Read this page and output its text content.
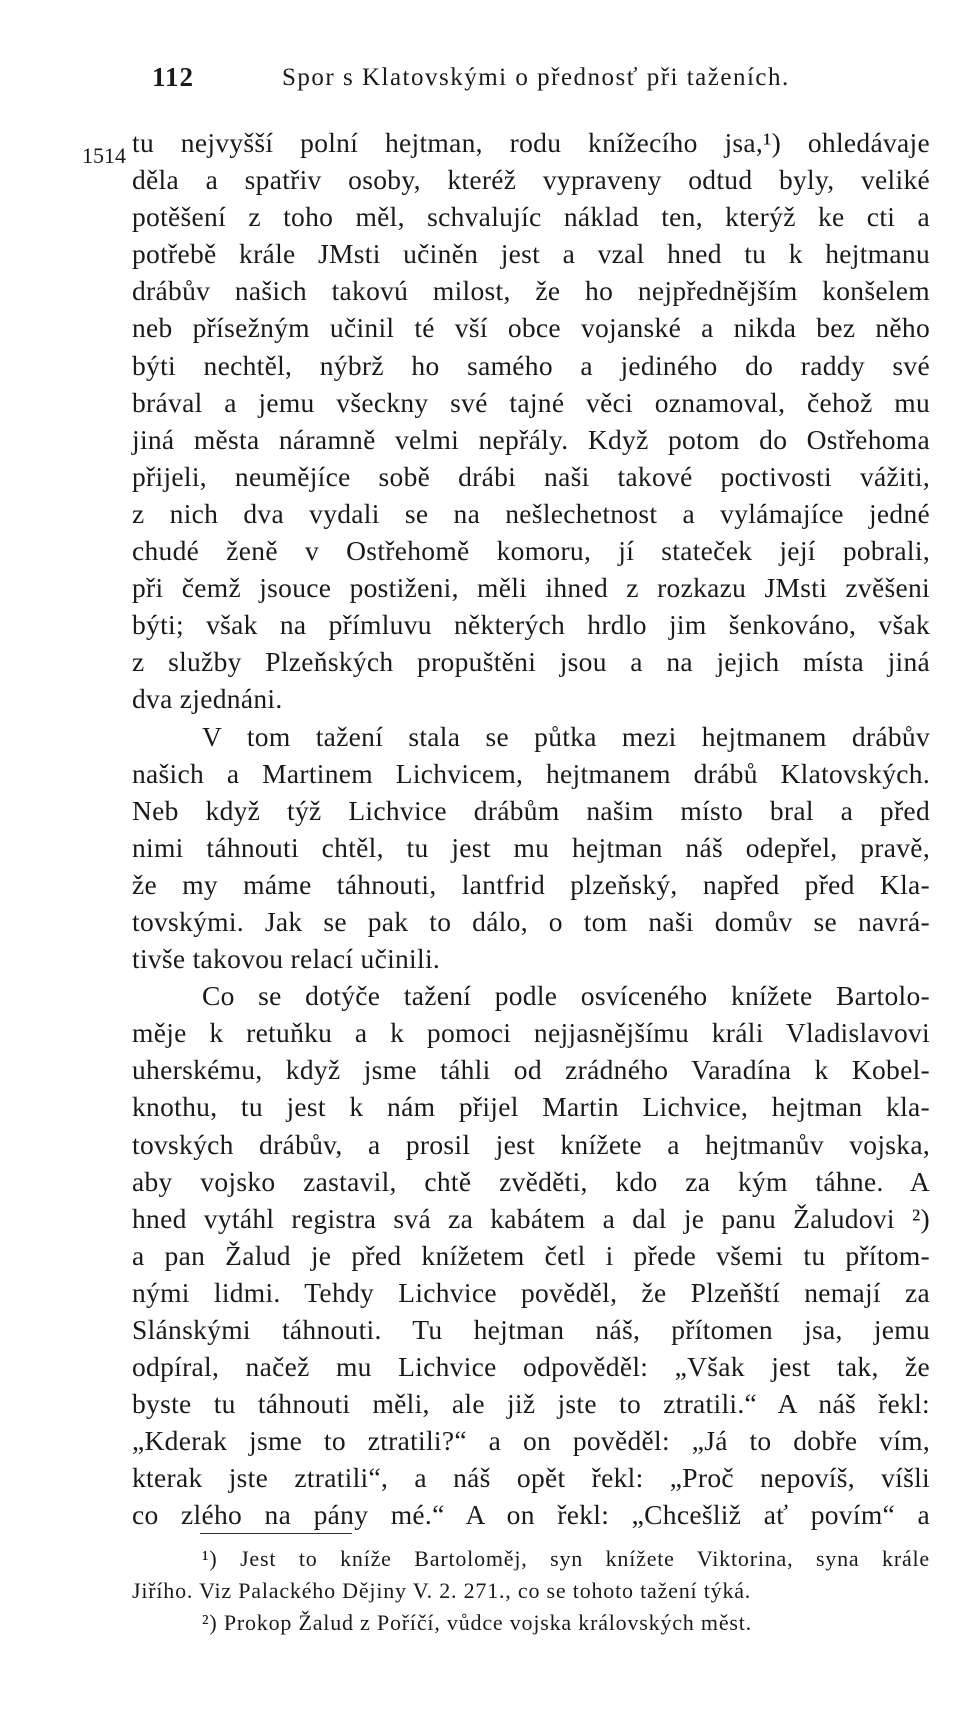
112	Spor s Klatovskými o přednosť při taženích.
1514 tu nejvyšší polní hejtman, rodu knížecího jsa,¹) ohledávaje
děla a spatřiv osoby, kteréž vypraveny odtud byly, veliké
potěšení z toho měl, schvalujíc náklad ten, kterýž ke cti a
potřebě krále JMsti učiněn jest a vzal hned tu k hejtmanu
drábův našich takovú milost, že ho nejpřednějším konšelem
neb přísežným učinil té vší obce vojanské a nikda bez něho
býti nechtěl, nýbrž ho samého a jediného do raddy své
brával a jemu všeckny své tajné věci oznamoval, čehož mu
jiná města náramně velmi nepřály. Když potom do Ostřehoma
přijeli, neumějíce sobě drábi naši takové poctivosti vážiti,
z nich dva vydali se na nešlechetnost a vylámajíce jedné
chudé ženě v Ostřehomě komoru, jí stateček její pobrali,
při čemž jsouce postiženi, měli ihned z rozkazu JMsti zvěšeni
býti; však na přímluvu některých hrdlo jim šenkováno, však
z služby Plzeňských propuštěni jsou a na jejich místa jiná
dva zjednáni.
V tom tažení stala se půtka mezi hejtmanem drábův
našich a Martinem Lichvicem, hejtmanem drábů Klatovských.
Neb když týž Lichvice drábům našim místo bral a před
nimi táhnouti chtěl, tu jest mu hejtman náš odepřel, pravě,
že my máme táhnouti, lantfrid plzeňský, napřed před Kla-
tovskými. Jak se pak to dálo, o tom naši domův se navrá-
tivše takovou relací učinili.
Co se dotýče tažení podle osvíceného knížete Bartolo-
měje k retuňku a k pomoci nejjasnějšímu králi Vladislavovi
uherskému, když jsme táhli od zrádného Varadína k Kobel-
knothu, tu jest k nám přijel Martin Lichvice, hejtman kla-
tovských drábův, a prosil jest knížete a hejtmanův vojska,
aby vojsko zastavil, chtě zvěděti, kdo za kým táhne. A
hned vytáhl registra svá za kabátem a dal je panu Žaludovi ²)
a pan Žalud je před knížetem četl i přede všemi tu přítom-
nými lidmi. Tehdy Lichvice pověděl, že Plzeňští nemají za
Slánskými táhnouti. Tu hejtman náš, přítomen jsa, jemu
odpíral, načež mu Lichvice odpověděl: „Však jest tak, že
byste tu táhnouti měli, ale již jste to ztratili.“ A náš řekl:
„Kderak jsme to ztratili?“ a on pověděl: „Já to dobře vím,
kterak jste ztratili“, a náš opět řekl: „Proč nepovíš, víšli
co zlého na pány mé.“ A on řekl: „Chcešliž ať povím“ a
¹) Jest to kníže Bartoloměj, syn knížete Viktorina, syna krále
Jiřího. Viz Palackého Dějiny V. 2. 271., co se tohoto tažení týká.
²) Prokop Žalud z Poříčí, vůdce vojska královských měst.
